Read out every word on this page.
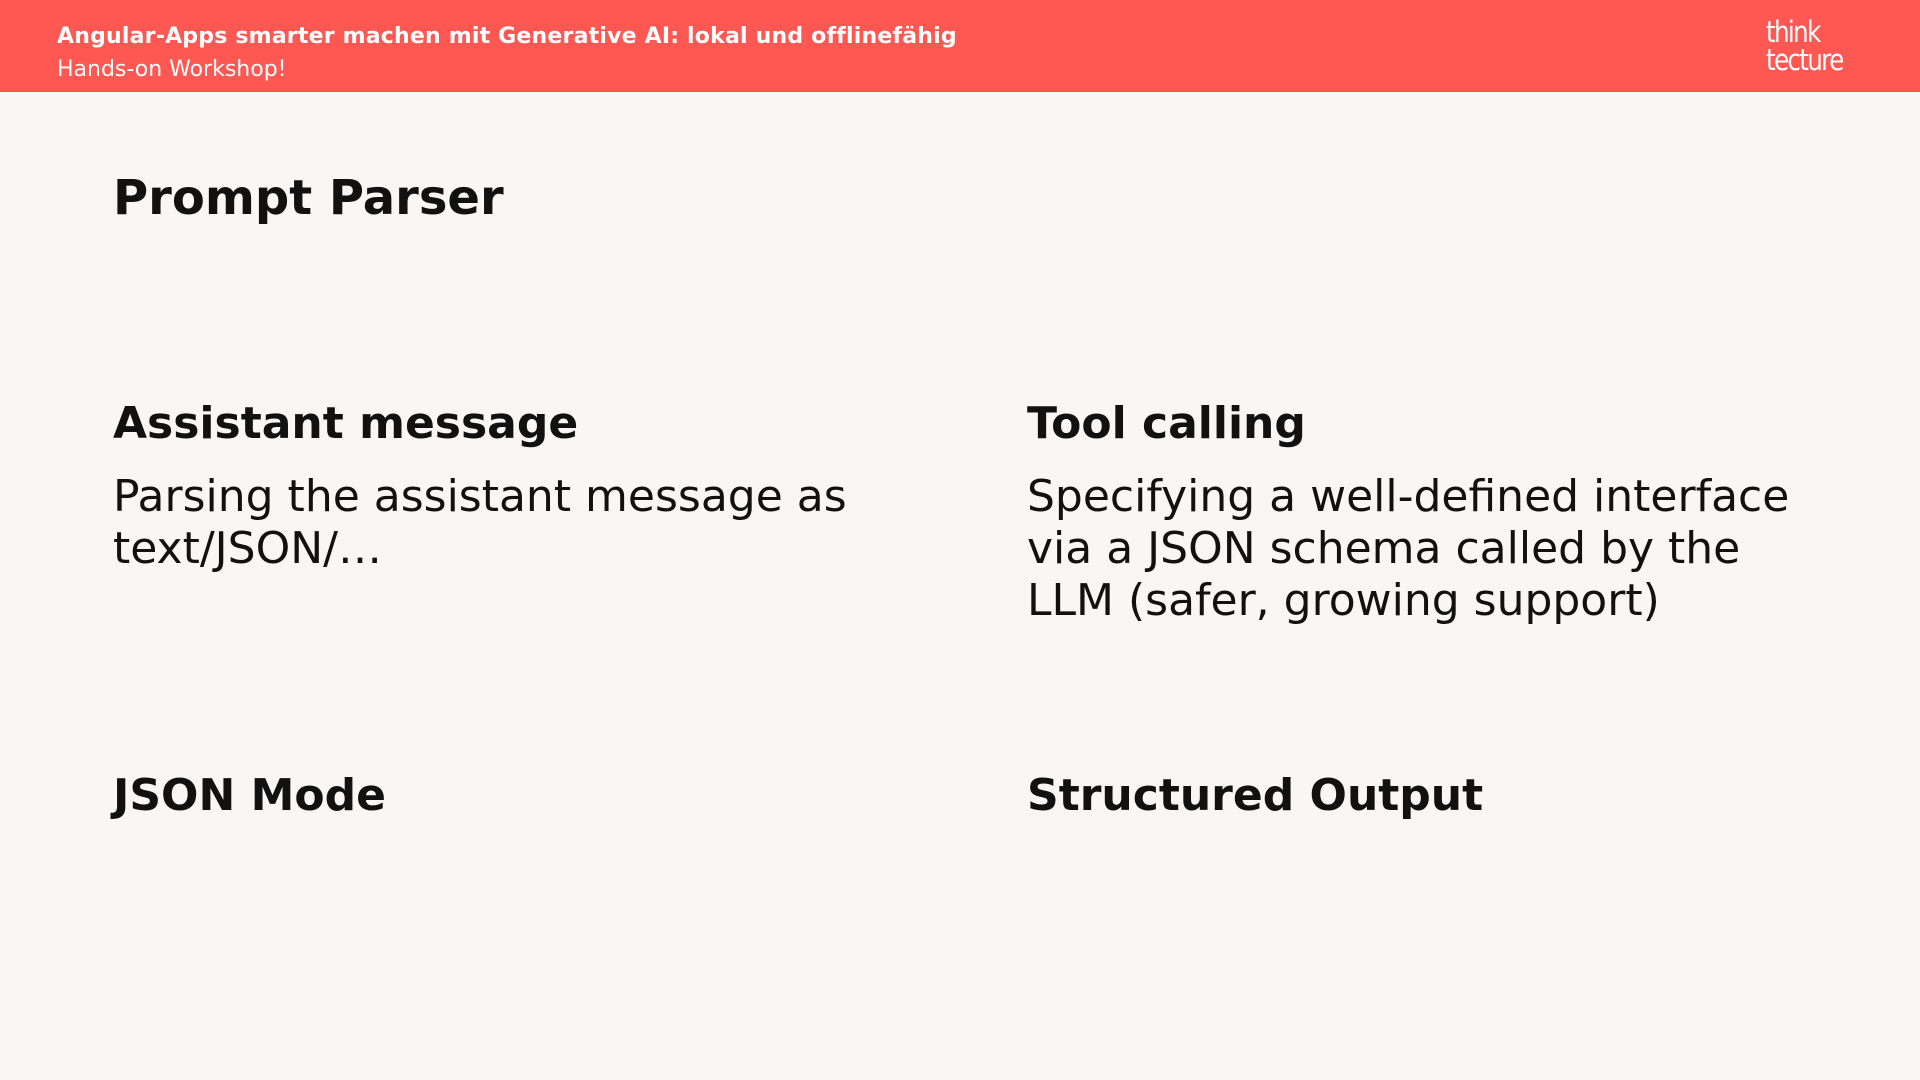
Angular-Apps smarter machen mit Generative AI: lokal und offlinefähig
Hands-on Workshop!
think
tecture
Prompt Parser
Assistant message
Parsing the assistant message as text/JSON/…
Tool calling
Specifying a well-defined interface via a JSON schema called by the LLM (safer, growing support)
JSON Mode	Structured Output
